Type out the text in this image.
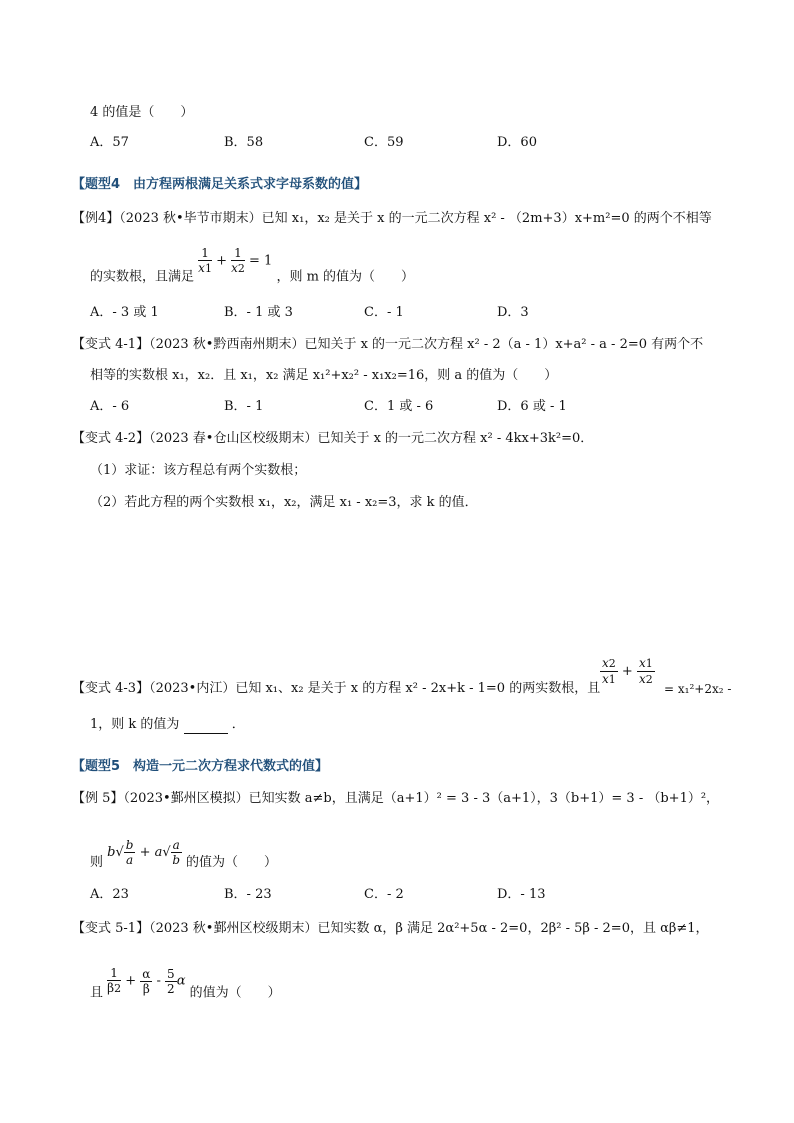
4 的值是（　　）
A．57	B．58	C．59	D．60
【题型4　由方程两根满足关系式求字母系数的值】
【例4】（2023 秋•毕节市期末）已知 x₁，x₂ 是关于 x 的一元二次方程 x² - （2m+3）x+m²=0 的两个不相等
的实数根，且满足
$\frac{1}{x1} + \frac{1}{x2} = 1$ ，则 m 的值为（　　）
A．- 3 或 1	B．- 1 或 3	C．- 1	D．3
【变式 4-1】（2023 秋•黔西南州期末）已知关于 x 的一元二次方程 x² - 2（a - 1）x+a² - a - 2=0 有两个不
相等的实数根 x₁，x₂．且 x₁，x₂ 满足 x₁²+x₂² - x₁x₂=16，则 a 的值为（　　）
A．- 6	B．- 1	C．1 或 - 6	D．6 或 - 1
【变式 4-2】（2023 春•仓山区校级期末）已知关于 x 的一元二次方程 x² - 4kx+3k²=0．
（1）求证：该方程总有两个实数根；
（2）若此方程的两个实数根 x₁，x₂，满足 x₁ - x₂=3，求 k 的值．
【变式 4-3】（2023•内江）已知 x₁、x₂ 是关于 x 的方程 x² - 2x+k - 1=0 的两实数根，且
$\frac{x2}{x1} + \frac{x1}{x2}$
= x₁²+2x₂ -
1，则 k 的值为	．
【题型5　构造一元二次方程求代数式的值】
【例 5】（2023•鄞州区模拟）已知实数 a≠b，且满足（a+1）² = 3 - 3（a+1），3（b+1）= 3 - （b+1）²，
则 $b√ \frac{b}{a} + a√ \frac{a}{b}$ 的值为（　　）
A．23	B．- 23	C．- 2	D．- 13
【变式 5-1】（2023 秋•鄞州区校级期末）已知实数 α，β 满足 2α²+5α - 2=0，2β² - 5β - 2=0，且 αβ≠1，
且 $\frac{1}{\beta 2} + \frac{\alpha}{\beta} - \frac{5}{2}$ α 的值为（　　）
